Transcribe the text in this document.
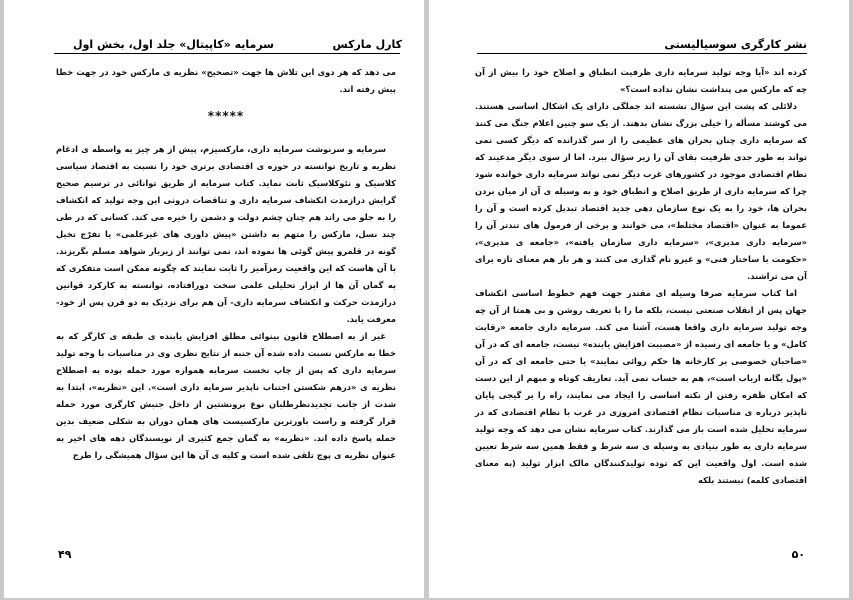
کارل مارکس
سرمايه «کاپيتال» جلد اول، بخش اول

می دهد که هر دوی این تلاش ها جهت «تصحيح» نظريه ی مارکس خود در جهت خطا پيش رفته اند.

*****

سرمايه و سرنوشت سرمايه داری، مارکسيزم، پيش از هر چيز به واسطه ی ادغام نظريه و تاريخ توانسته در حوزه ی اقتصادی برتری خود را نسبت به اقتصاد سياسی کلاسيک و نئوکلاسيک ثابت نمايد. کتاب سرمايه از طريق توانائی در ترسيم صحيح گرايش درازمدت انکشاف سرمايه داری و تناقضات درونی اين وجه توليد که انکشاف را به جلو می راند هم چنان چشم دولت و دشمن را خيره می کند. کسانی که در طی چند نسل، مارکس را متهم به داشتن «پيش داوری های غيرعلمی» يا تفرّج تخيل گونه در قلمرو پيش گوئی ها نموده اند، نمی توانند از زيربار شواهد مسلم بگريزند. با آن هاست که اين واقعيت رمزآميز را ثابت نمايند که چگونه ممکن است متفکری که به گمان آن ها از ابزار تحليلی علمی سخت دورافتاده، توانسته به کارکرد قوانين درازمدت حرکت و انکشاف سرمايه داری- آن هم برای نزديک به دو قرن پس از خود- معرفت يابد.

غير از به اصطلاح قانون بينوائی مطلق افزايش يابنده ی طبقه ی کارگر که به خطا به مارکس نسبت داده شده آن جنبه از نتايج نظری وی در مناسبات با وجه توليد سرمايه داری که پس از چاپ نخست سرمايه همواره مورد حمله بوده به اصطلاح نظريه ی «درهم شکستن اجتناب ناپذير سرمايه داری است». اين «نظريه»، ابتدا به شدت از جانب تجديدنظرطلبان نوع برونشتين از داخل جنبش کارگری مورد حمله قرار گرفته و راست باورترين مارکسيست های همان دوران به شکلی ضعيف بدين حمله پاسخ داده اند. «نظريه» به گمان جمع کثيری از نويسندگان دهه های اخير به عنوان نظريه ی پوچ تلقی شده است و کليه ی آن ها اين سؤال هميشگی را طرح

۴۹
نشر کارگری سوسياليستی

کرده اند «آيا وجه توليد سرمايه داری ظرفيت انطباق و اصلاح خود را بيش از آن چه که مارکس می پنداشت نشان نداده است؟»

دلائلی که پشت اين سؤال نشسته اند جملگی دارای يک اشکال اساسی هستند. می کوشند مسأله را خيلی بزرگ نشان بدهند. از يک سو چنين اعلام جنگ می کنند که سرمايه داری چنان بحران های عظيمی را از سر گذرانده که ديگر کسی نمی تواند به طور جدی ظرفيت بقای آن را زير سؤال ببرد. اما از سوی ديگر مدعيند که نظام اقتصادی موجود در کشورهای غرب ديگر نمی تواند سرمايه داری خوانده شود چرا که سرمايه داری از طريق اصلاح و انطباق خود و به وسيله ی آن از ميان بردن بحران ها، خود را به يک نوع سازمان دهی جديد اقتصاد تبديل کرده است و آن را عموما به عنوان «اقتصاد مختلط»، می خوانند و برخی از فرمول های تندتر آن را «سرمايه داری مديری»، «سرمايه داری سازمان يافته»، «جامعه ی مديری»، «حکومت با ساختار فنی» و غيرو نام گذاری می کنند و هر بار هم معنای تازه برای آن می تراشند.

اما کتاب سرمايه صرفا وسيله ای مقتدر جهت فهم خطوط اساسی انکشاف جهان پس از انقلاب صنعتی نيست، بلکه ما را با تعريف روشن و بی همتا از آن چه وجه توليد سرمايه داری واقعا هست، آشنا می کند. سرمايه داری جامعه «رقابت کامل» و يا جامعه ای رسيده از «مصيبت افزايش يابنده» نيست، جامعه ای که در آن «صاحبان خصوصی بر کارخانه ها حکم روائی نمايند» يا حتی جامعه ای که در آن «پول يگانه ارباب است»، هم به حساب نمی آيد. تعاريف کوتاه و مبهم از اين دست که امکان ظفره رفتن از نکته اساسی را ايجاد می نمايند، راه را بر گيجی پايان ناپذير درباره ی مناسبات نظام اقتصادی امروزی در غرب با نظام اقتصادی که در سرمايه تحليل شده است باز می گذارند. کتاب سرمايه نشان می دهد که وجه توليد سرمايه داری به طور بنيادی به وسيله ی سه شرط و فقط همين سه شرط تعيين شده است. اول واقعيت اين که توده توليدکنندگان مالک ابزار توليد (به معنای اقتصادی کلمه) نيستند بلکه

۵۰
